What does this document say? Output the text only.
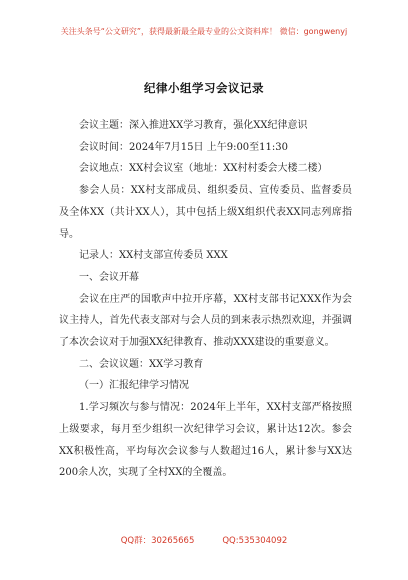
关注头条号“公文研究”，获得最新最全最专业的公文资料库！ 微信：gongwenyj
纪律小组学习会议记录

会议主题：深入推进XX学习教育，强化XX纪律意识

会议时间：2024年7月15日 上午9:00至11:30

会议地点：XX村会议室（地址：XX村村委会大楼二楼）

参会人员：XX村支部成员、组织委员、宣传委员、监督委员及全体XX（共计XX人），其中包括上级X组织代表XX同志列席指导。

记录人：XX村支部宣传委员 XXX

一、会议开幕

会议在庄严的国歌声中拉开序幕，XX村支部书记XXX作为会议主持人，首先代表支部对与会人员的到来表示热烈欢迎，并强调了本次会议对于加强XX纪律教育、推动XXX建设的重要意义。

二、会议议题：XX学习教育

（一）汇报纪律学习情况

1.学习频次与参与情况：2024年上半年，XX村支部严格按照上级要求，每月至少组织一次纪律学习会议，累计达12次。参会XX积极性高，平均每次会议参与人数超过16人，累计参与XX达200余人次，实现了全村XX的全覆盖。

QQ群：30265665	QQ:535304092
